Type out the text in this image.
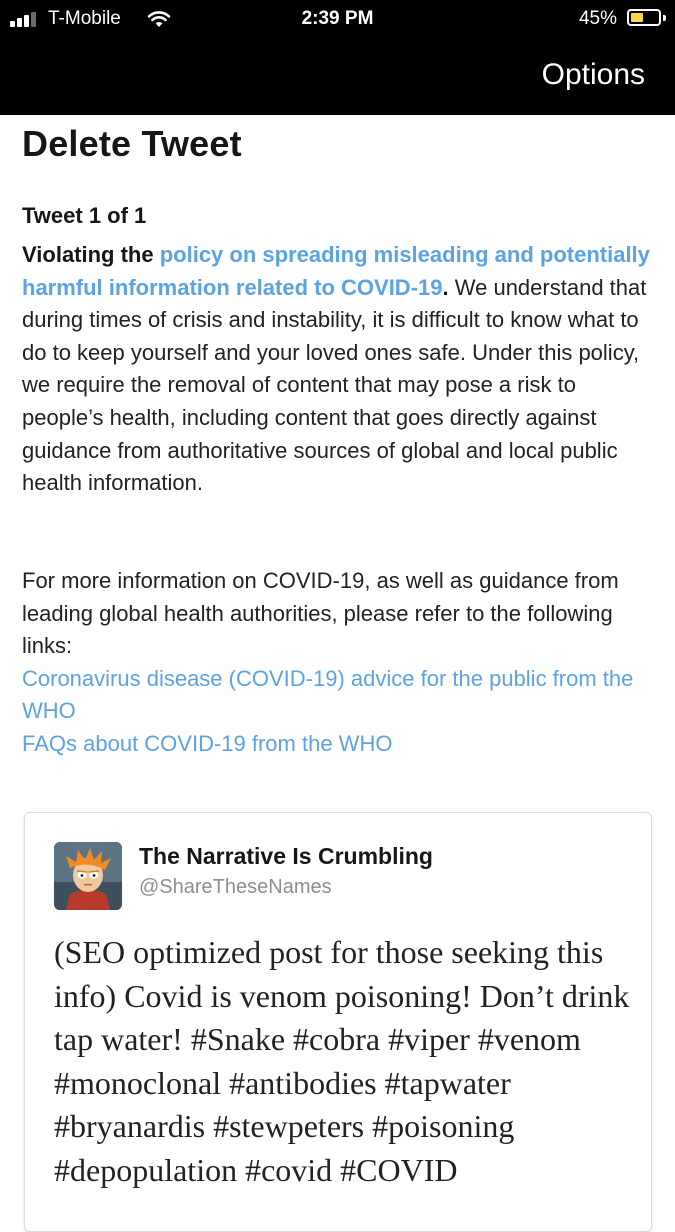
T-Mobile	2:39 PM	45%
Options
Delete Tweet
Tweet 1 of 1
Violating the policy on spreading misleading and potentially harmful information related to COVID-19. We understand that during times of crisis and instability, it is difficult to know what to do to keep yourself and your loved ones safe. Under this policy, we require the removal of content that may pose a risk to people’s health, including content that goes directly against guidance from authoritative sources of global and local public health information.
For more information on COVID-19, as well as guidance from leading global health authorities, please refer to the following links:
Coronavirus disease (COVID-19) advice for the public from the WHO
FAQs about COVID-19 from the WHO
The Narrative Is Crumbling
@ShareTheseNames
(SEO optimized post for those seeking this info) Covid is venom poisoning! Don’t drink tap water! #Snake #cobra #viper #venom #monoclonal #antibodies #tapwater #bryanardis #stewpeters #poisoning #depopulation #covid #COVID
